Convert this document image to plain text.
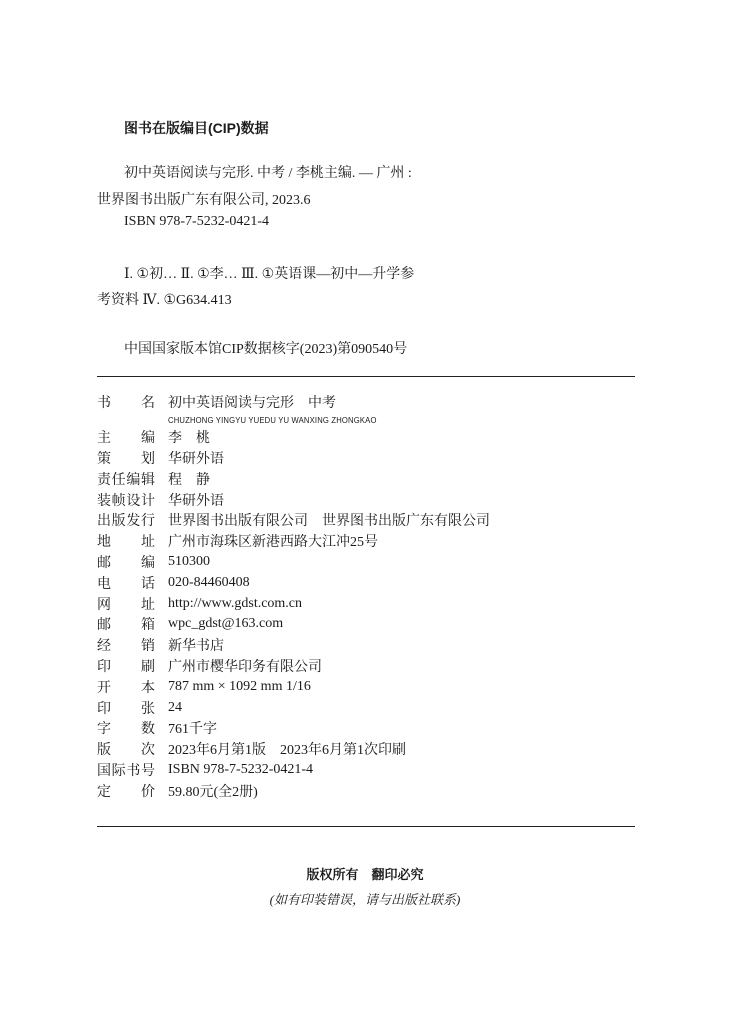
图书在版编目(CIP)数据
初中英语阅读与完形. 中考 / 李桃主编. — 广州 :
世界图书出版广东有限公司, 2023.6
ISBN 978-7-5232-0421-4
Ⅰ. ①初… Ⅱ. ①李… Ⅲ. ①英语课—初中—升学参
考资料 Ⅳ. ①G634.413
中国国家版本馆CIP数据核字(2023)第090540号
书　名 初中英语阅读与完形　中考
CHUZHONG YINGYU YUEDU YU WANXING ZHONGKAO
主　编 李　桃
策　划 华研外语
责任编辑 程　静
装帧设计 华研外语
出版发行 世界图书出版有限公司　世界图书出版广东有限公司
地　址 广州市海珠区新港西路大江冲25号
邮　编 510300
电　话 020-84460408
网　址 http://www.gdst.com.cn
邮　箱 wpc_gdst@163.com
经　销 新华书店
印　刷 广州市樱华印务有限公司
开　本 787 mm × 1092 mm 1/16
印　张 24
字　数 761千字
版　次 2023年6月第1版　2023年6月第1次印刷
国际书号 ISBN 978-7-5232-0421-4
定　价 59.80元(全2册)
版权所有　翻印必究
(如有印装错误，请与出版社联系)
